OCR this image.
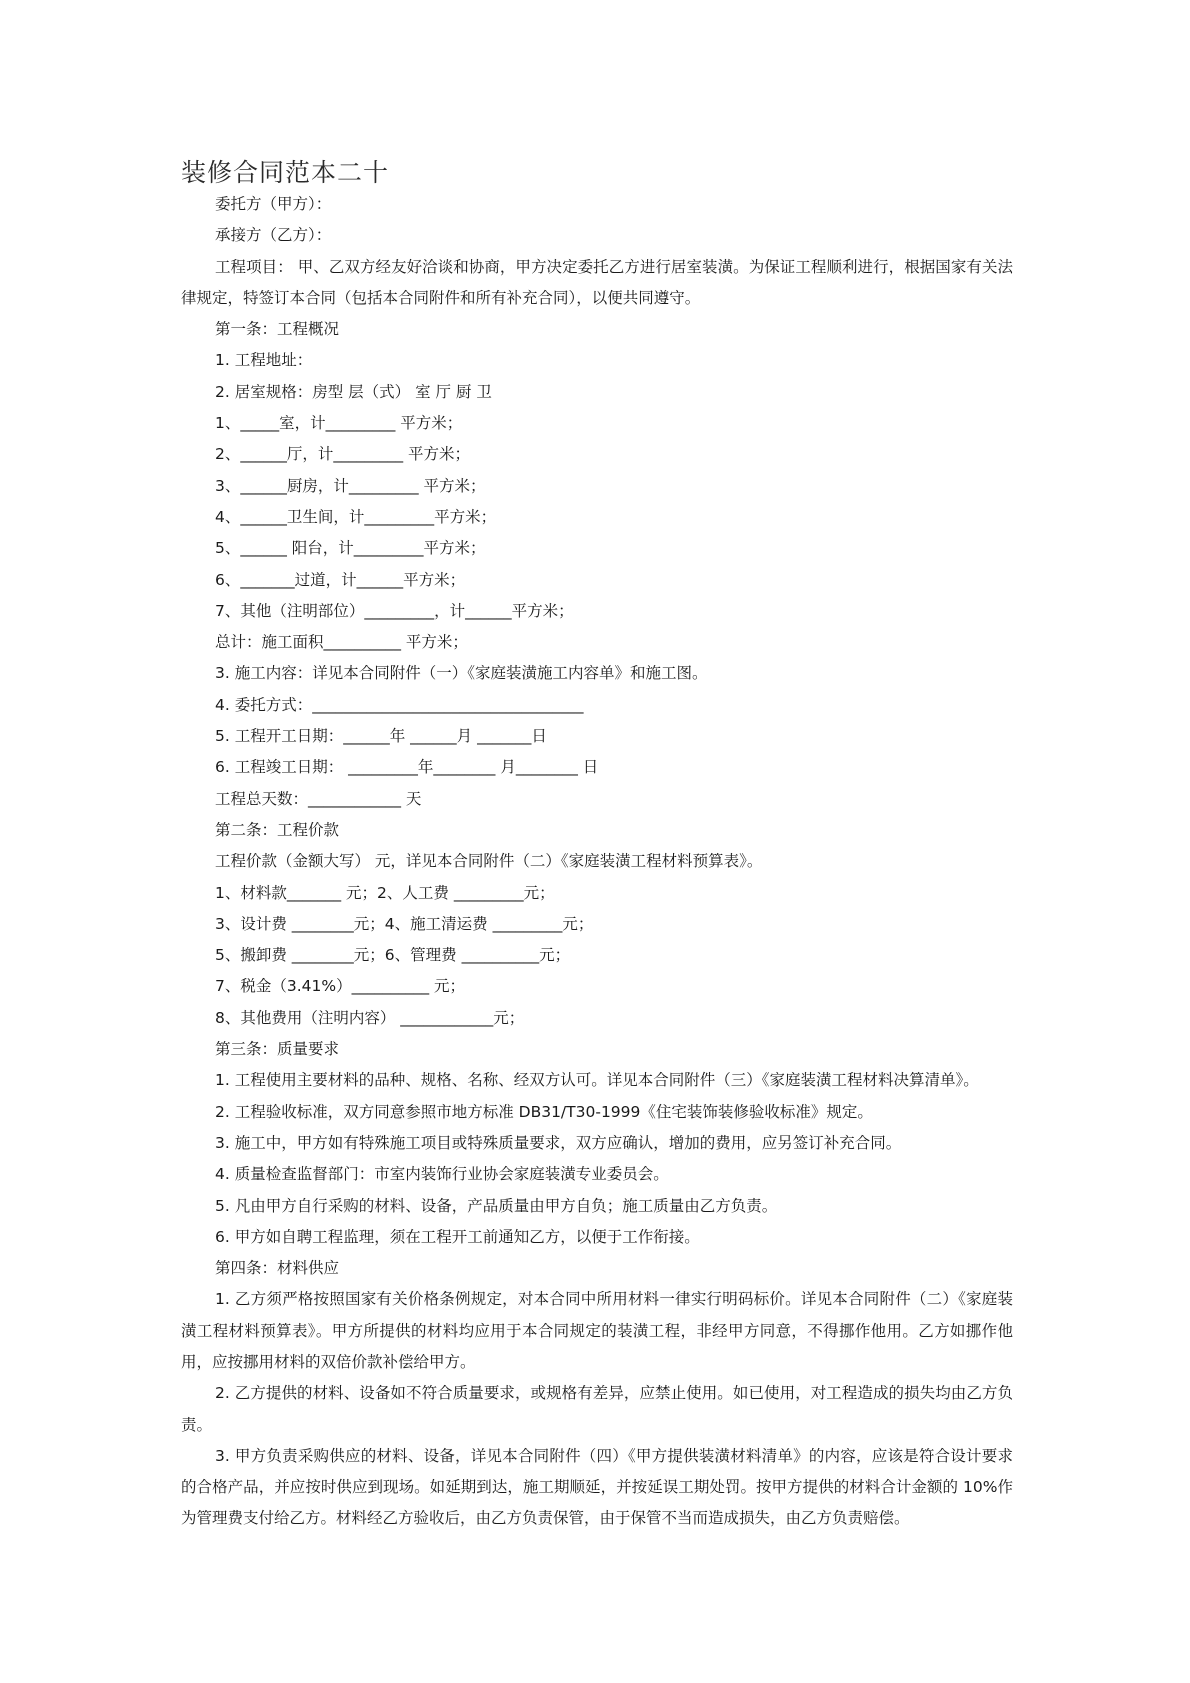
装修合同范本二十

委托方（甲方）：

承接方（乙方）：

工程项目： 甲、乙双方经友好洽谈和协商，甲方决定委托乙方进行居室装潢。为保证工程顺利进行，根据国家有关法律规定，特签订本合同（包括本合同附件和所有补充合同），以便共同遵守。

第一条：工程概况

1. 工程地址：

2. 居室规格：房型 层（式） 室 厅 厨 卫

1、_____室，计_________ 平方米；

2、______厅，计_________ 平方米；

3、______厨房，计_________ 平方米；

4、______卫生间，计_________平方米；

5、______ 阳台，计_________平方米；

6、_______过道，计______平方米；

7、其他（注明部位）_________，计______平方米；

总计：施工面积__________ 平方米；

3. 施工内容：详见本合同附件（一）《家庭装潢施工内容单》和施工图。

4. 委托方式：___________________________________

5. 工程开工日期：______年 ______月 _______日

6. 工程竣工日期： _________年________ 月________ 日

工程总天数：____________ 天

第二条：工程价款

工程价款（金额大写） 元，详见本合同附件（二）《家庭装潢工程材料预算表》。

1、材料款_______ 元；2、人工费 _________元；

3、设计费 ________元；4、施工清运费 _________元；

5、搬卸费 ________元；6、管理费 __________元；

7、税金（3.41%）__________ 元；

8、其他费用（注明内容） ____________元；

第三条：质量要求

1. 工程使用主要材料的品种、规格、名称、经双方认可。详见本合同附件（三）《家庭装潢工程材料决算清单》。

2. 工程验收标准，双方同意参照市地方标准 DB31/T30-1999《住宅装饰装修验收标准》规定。

3. 施工中，甲方如有特殊施工项目或特殊质量要求，双方应确认，增加的费用，应另签订补充合同。

4. 质量检查监督部门：市室内装饰行业协会家庭装潢专业委员会。

5. 凡由甲方自行采购的材料、设备，产品质量由甲方自负；施工质量由乙方负责。

6. 甲方如自聘工程监理，须在工程开工前通知乙方，以便于工作衔接。

第四条：材料供应

1. 乙方须严格按照国家有关价格条例规定，对本合同中所用材料一律实行明码标价。详见本合同附件（二）《家庭装潢工程材料预算表》。甲方所提供的材料均应用于本合同规定的装潢工程，非经甲方同意，不得挪作他用。乙方如挪作他用，应按挪用材料的双倍价款补偿给甲方。

2. 乙方提供的材料、设备如不符合质量要求，或规格有差异，应禁止使用。如已使用，对工程造成的损失均由乙方负责。

3. 甲方负责采购供应的材料、设备，详见本合同附件（四）《甲方提供装潢材料清单》的内容，应该是符合设计要求的合格产品，并应按时供应到现场。如延期到达，施工期顺延，并按延误工期处罚。按甲方提供的材料合计金额的 10%作为管理费支付给乙方。材料经乙方验收后，由乙方负责保管，由于保管不当而造成损失，由乙方负责赔偿。
